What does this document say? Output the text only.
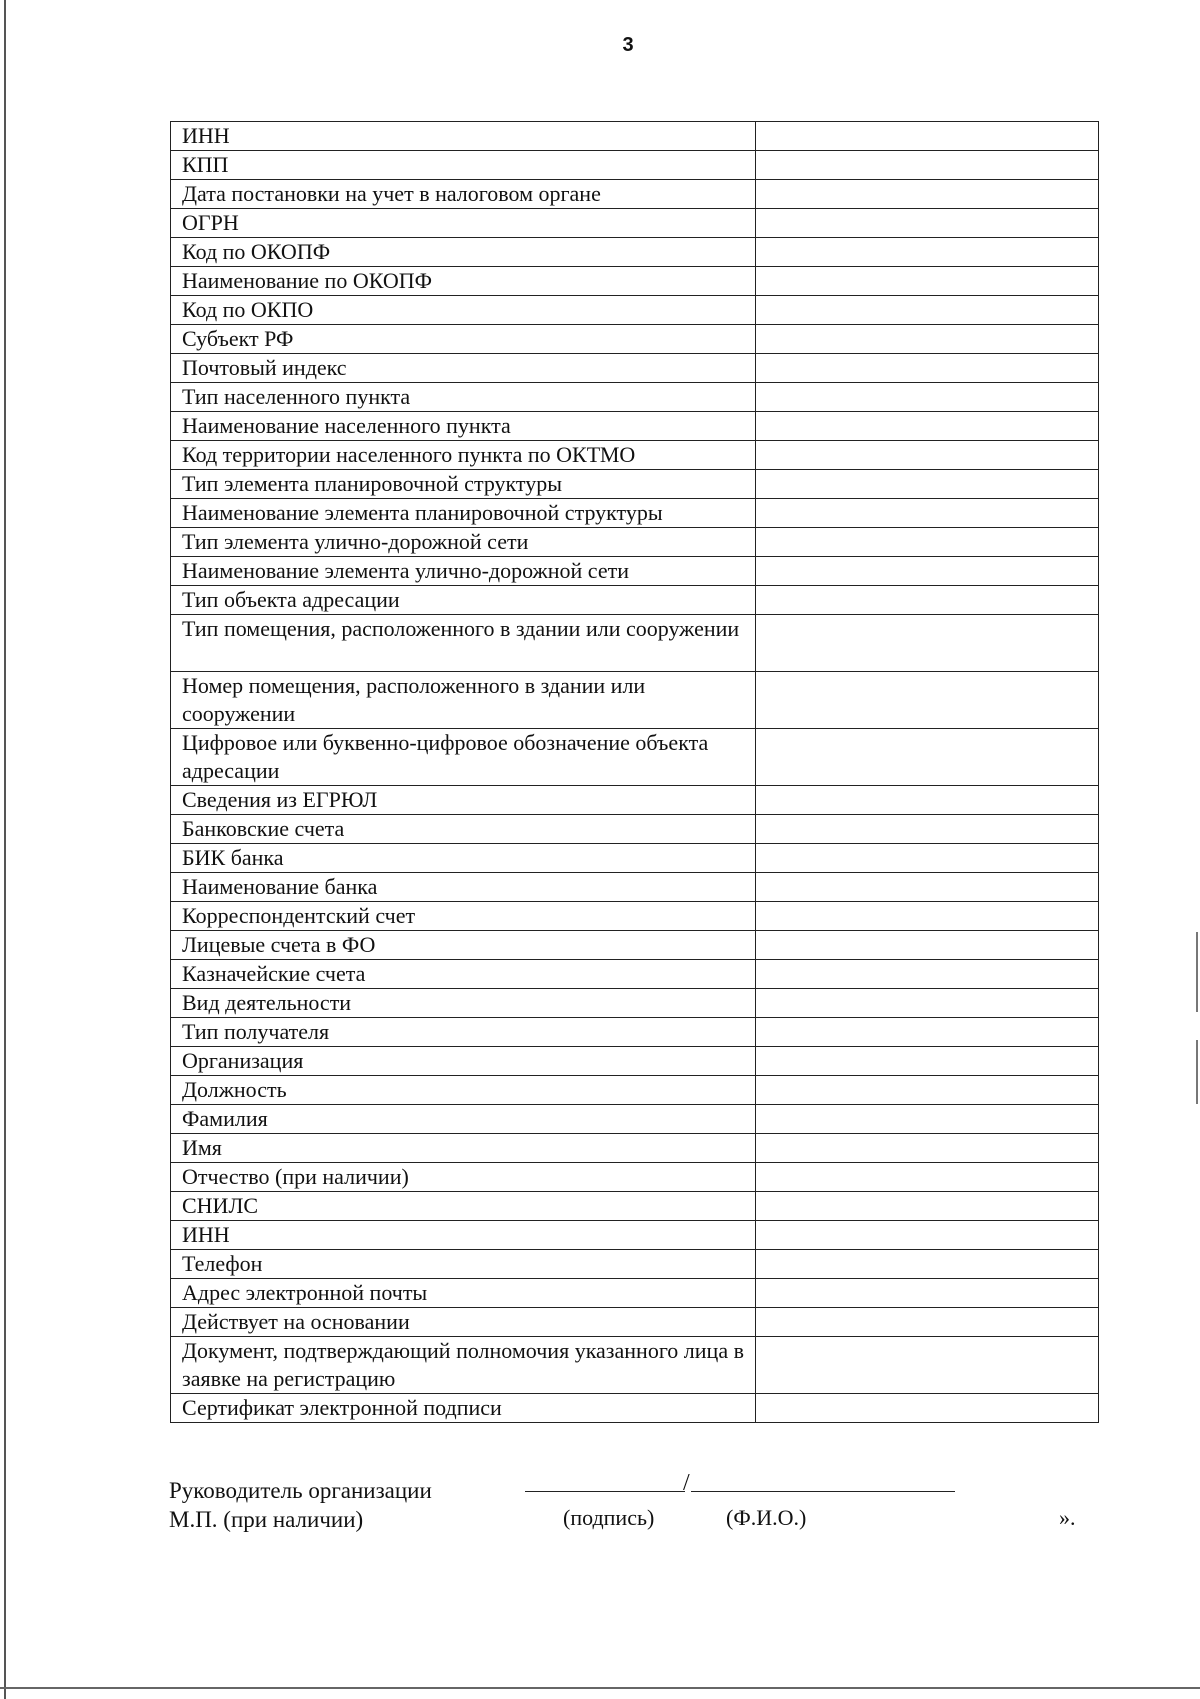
3
ИНН	
КПП	
Дата постановки на учет в налоговом органе	
ОГРН	
Код по ОКОПФ	
Наименование по ОКОПФ	
Код по ОКПО	
Субъект РФ	
Почтовый индекс	
Тип населенного пункта	
Наименование населенного пункта	
Код территории населенного пункта по ОКТМО	
Тип элемента планировочной структуры	
Наименование элемента планировочной структуры	
Тип элемента улично-дорожной сети	
Наименование элемента улично-дорожной сети	
Тип объекта адресации	
Тип помещения, расположенного в здании или сооружении	
Номер помещения, расположенного в здании или сооружении	
Цифровое или буквенно-цифровое обозначение объекта адресации	
Сведения из ЕГРЮЛ	
Банковские счета	
БИК банка	
Наименование банка	
Корреспондентский счет	
Лицевые счета в ФО	
Казначейские счета	
Вид деятельности	
Тип получателя	
Организация	
Должность	
Фамилия	
Имя	
Отчество (при наличии)	
СНИЛС	
ИНН	
Телефон	
Адрес электронной почты	
Действует на основании	
Документ, подтверждающий полномочия указанного лица в заявке на регистрацию	
Сертификат электронной подписи	
Руководитель организации
М.П. (при наличии)
/
(подпись)	(Ф.И.О.)	».
